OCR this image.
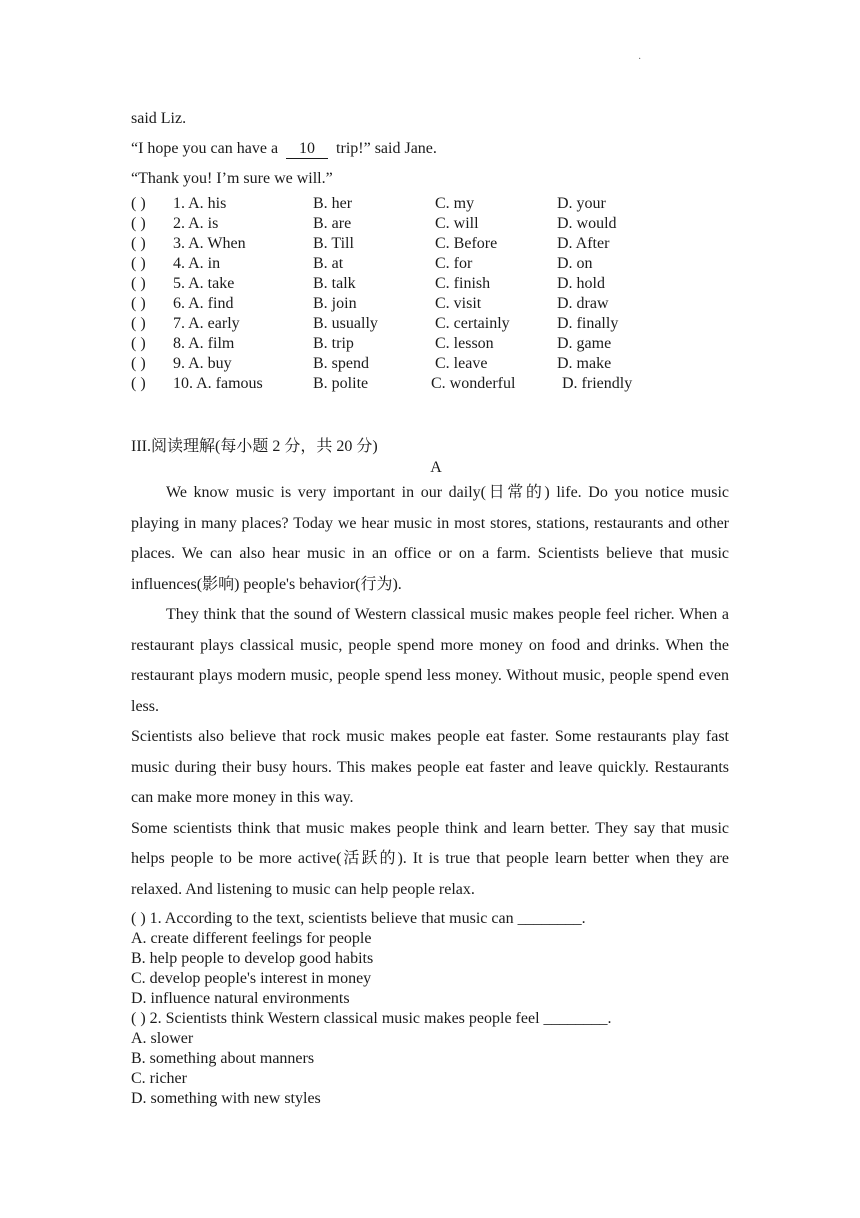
·
said Liz.
“I hope you can have a 10 trip!” said Jane.
“Thank you! I’m sure we will.”
( ) 1. A. his	B. her	C. my	D. your
( ) 2. A. is	B. are	C. will	D. would
( ) 3. A. When	B. Till	C. Before	D. After
( ) 4. A. in	B. at	C. for	D. on
( ) 5. A. take	B. talk	C. finish	D. hold
( ) 6. A. find	B. join	C. visit	D. draw
( ) 7. A. early	B. usually	C. certainly	D. finally
( ) 8. A. film	B. trip	C. lesson	D. game
( ) 9. A. buy	B. spend	C. leave	D. make
( ) 10. A. famous	B. polite	C. wonderful	D. friendly
III.阅读理解(每小题 2 分，共 20 分)
A

We know music is very important in our daily(日常的) life. Do you notice music playing in many places? Today we hear music in most stores, stations, restaurants and other places. We can also hear music in an office or on a farm. Scientists believe that music influences(影响) people's behavior(行为).

They think that the sound of Western classical music makes people feel richer. When a restaurant plays classical music, people spend more money on food and drinks. When the restaurant plays modern music, people spend less money. Without music, people spend even less.

Scientists also believe that rock music makes people eat faster. Some restaurants play fast music during their busy hours. This makes people eat faster and leave quickly. Restaurants can make more money in this way.

Some scientists think that music makes people think and learn better. They say that music helps people to be more active(活跃的). It is true that people learn better when they are relaxed. And listening to music can help people relax.

( ) 1. According to the text, scientists believe that music can ________.
A. create different feelings for people
B. help people to develop good habits
C. develop people's interest in money
D. influence natural environments
( ) 2. Scientists think Western classical music makes people feel ________.
A. slower
B. something about manners
C. richer
D. something with new styles
